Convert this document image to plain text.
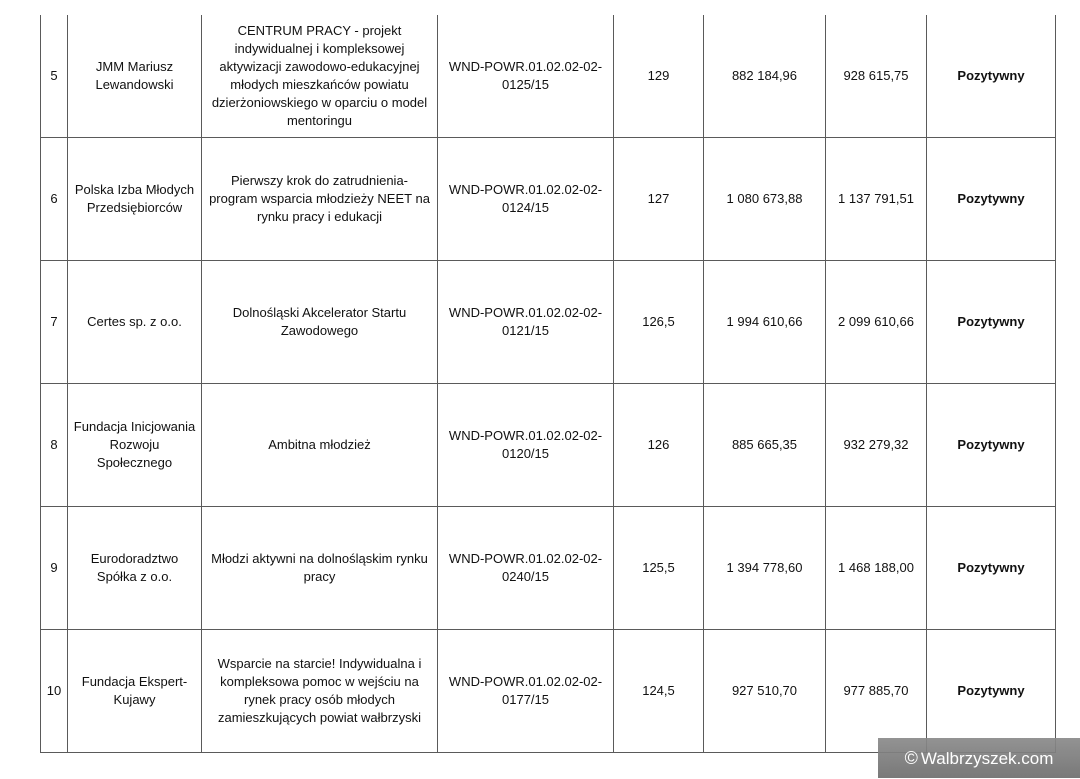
5	JMM Mariusz Lewandowski	CENTRUM PRACY - projekt indywidualnej i kompleksowej aktywizacji zawodowo-edukacyjnej młodych mieszkańców powiatu dzierżoniowskiego w oparciu o model mentoringu	WND-POWR.01.02.02-02-0125/15	129	882 184,96	928 615,75	Pozytywny
6	Polska Izba Młodych Przedsiębiorców	Pierwszy krok do zatrudnienia-program wsparcia młodzieży NEET na rynku pracy i edukacji	WND-POWR.01.02.02-02-0124/15	127	1 080 673,88	1 137 791,51	Pozytywny
7	Certes sp. z o.o.	Dolnośląski Akcelerator Startu Zawodowego	WND-POWR.01.02.02-02-0121/15	126,5	1 994 610,66	2 099 610,66	Pozytywny
8	Fundacja Inicjowania Rozwoju Społecznego	Ambitna młodzież	WND-POWR.01.02.02-02-0120/15	126	885 665,35	932 279,32	Pozytywny
9	Eurodoradztwo Spółka z o.o.	Młodzi aktywni na dolnośląskim rynku pracy	WND-POWR.01.02.02-02-0240/15	125,5	1 394 778,60	1 468 188,00	Pozytywny
10	Fundacja Ekspert-Kujawy	Wsparcie na starcie! Indywidualna i kompleksowa pomoc w wejściu na rynek pracy osób młodych zamieszkujących powiat wałbrzyski	WND-POWR.01.02.02-02-0177/15	124,5	927 510,70	977 885,70	Pozytywny
© Walbrzyszek.com
